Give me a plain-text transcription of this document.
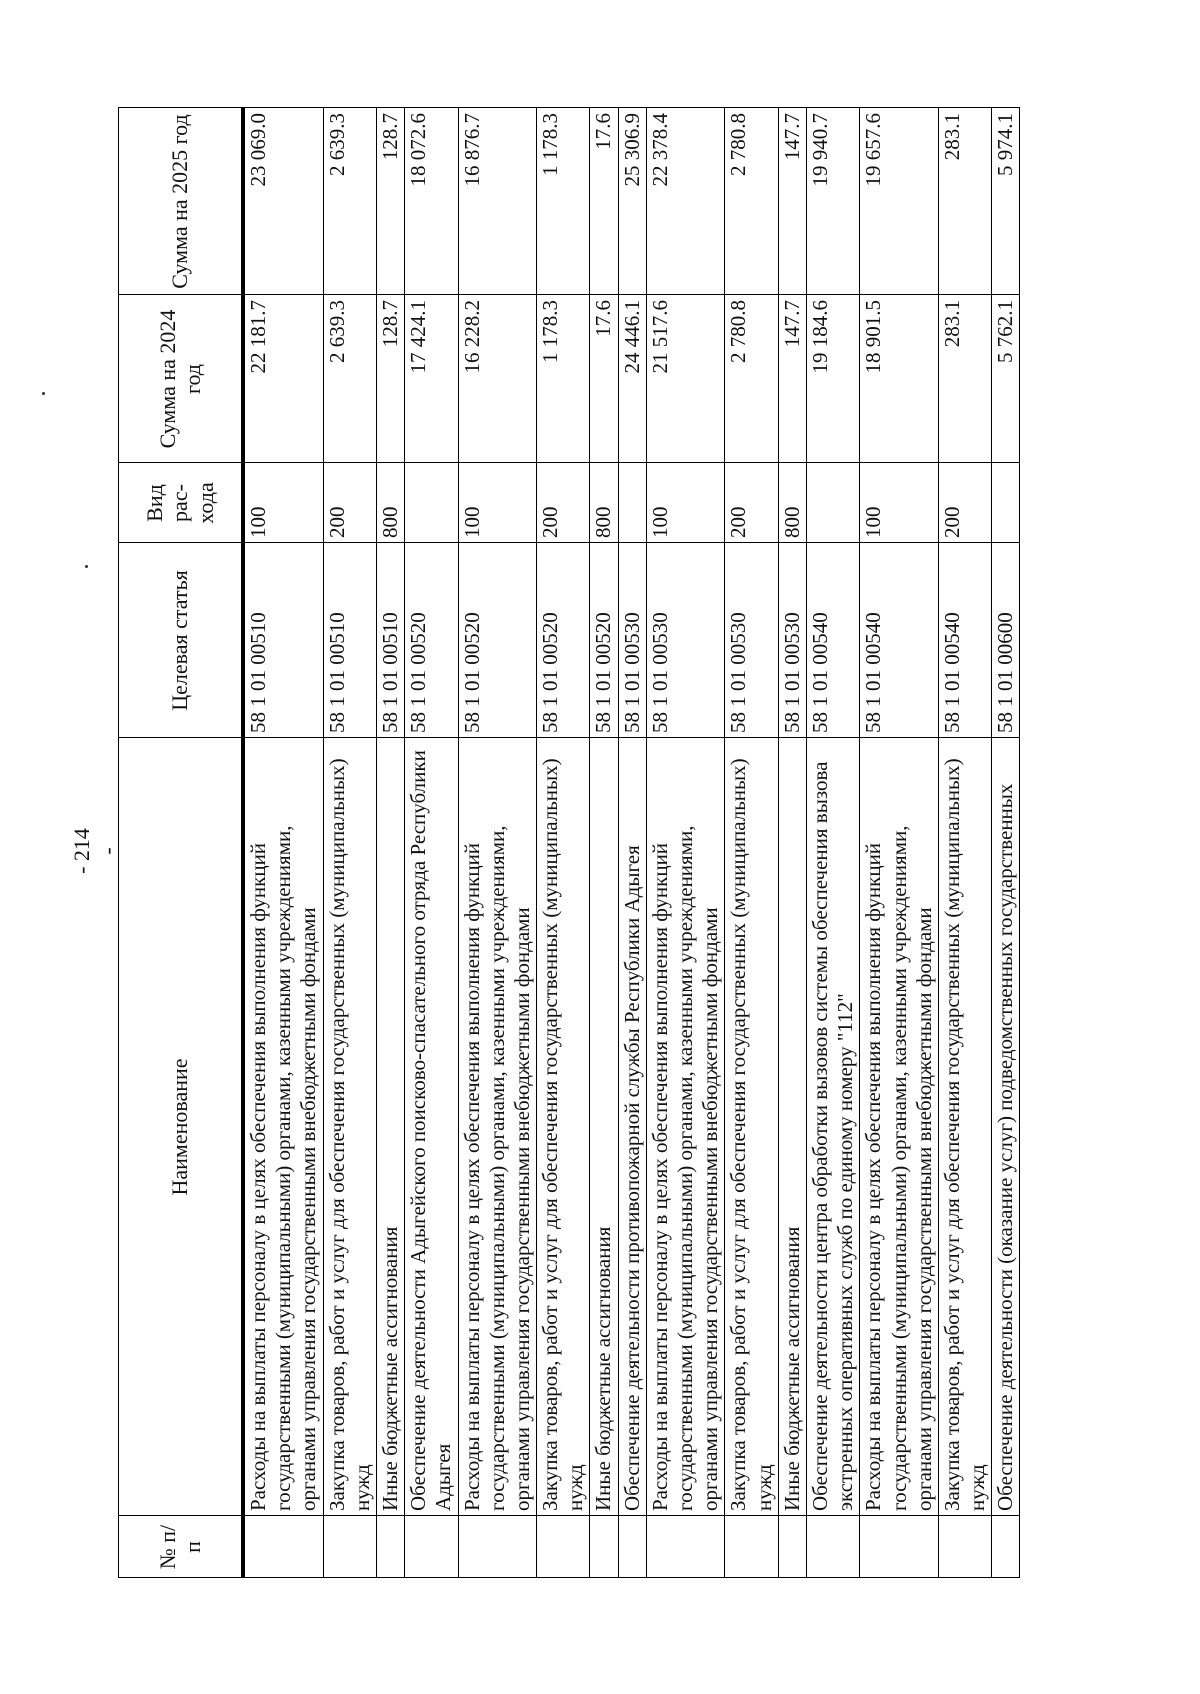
- 214 -
№ п/п	Наименование	Целевая статья	Вид рас-хода	Сумма на 2024 год	Сумма на 2025 год
	Расходы на выплаты персоналу в целях обеспечения выполнения функций государственными (муниципальными) органами, казенными учреждениями, органами управления государственными внебюджетными фондами	58 1 01 00510	100	22 181.7	23 069.0
	Закупка товаров, работ и услуг для обеспечения государственных (муниципальных) нужд	58 1 01 00510	200	2 639.3	2 639.3
	Иные бюджетные ассигнования	58 1 01 00510	800	128.7	128.7
	Обеспечение деятельности Адыгейского поисково-спасательного отряда Республики Адыгея	58 1 01 00520		17 424.1	18 072.6
	Расходы на выплаты персоналу в целях обеспечения выполнения функций государственными (муниципальными) органами, казенными учреждениями, органами управления государственными внебюджетными фондами	58 1 01 00520	100	16 228.2	16 876.7
	Закупка товаров, работ и услуг для обеспечения государственных (муниципальных) нужд	58 1 01 00520	200	1 178.3	1 178.3
	Иные бюджетные ассигнования	58 1 01 00520	800	17.6	17.6
	Обеспечение деятельности противопожарной службы Республики Адыгея	58 1 01 00530		24 446.1	25 306.9
	Расходы на выплаты персоналу в целях обеспечения выполнения функций государственными (муниципальными) органами, казенными учреждениями, органами управления государственными внебюджетными фондами	58 1 01 00530	100	21 517.6	22 378.4
	Закупка товаров, работ и услуг для обеспечения государственных (муниципальных) нужд	58 1 01 00530	200	2 780.8	2 780.8
	Иные бюджетные ассигнования	58 1 01 00530	800	147.7	147.7
	Обеспечение деятельности центра обработки вызовов системы обеспечения вызова экстренных оперативных служб по единому номеру "112"	58 1 01 00540		19 184.6	19 940.7
	Расходы на выплаты персоналу в целях обеспечения выполнения функций государственными (муниципальными) органами, казенными учреждениями, органами управления государственными внебюджетными фондами	58 1 01 00540	100	18 901.5	19 657.6
	Закупка товаров, работ и услуг для обеспечения государственных (муниципальных) нужд	58 1 01 00540	200	283.1	283.1
	Обеспечение деятельности (оказание услуг) подведомственных государственных	58 1 01 00600		5 762.1	5 974.1
